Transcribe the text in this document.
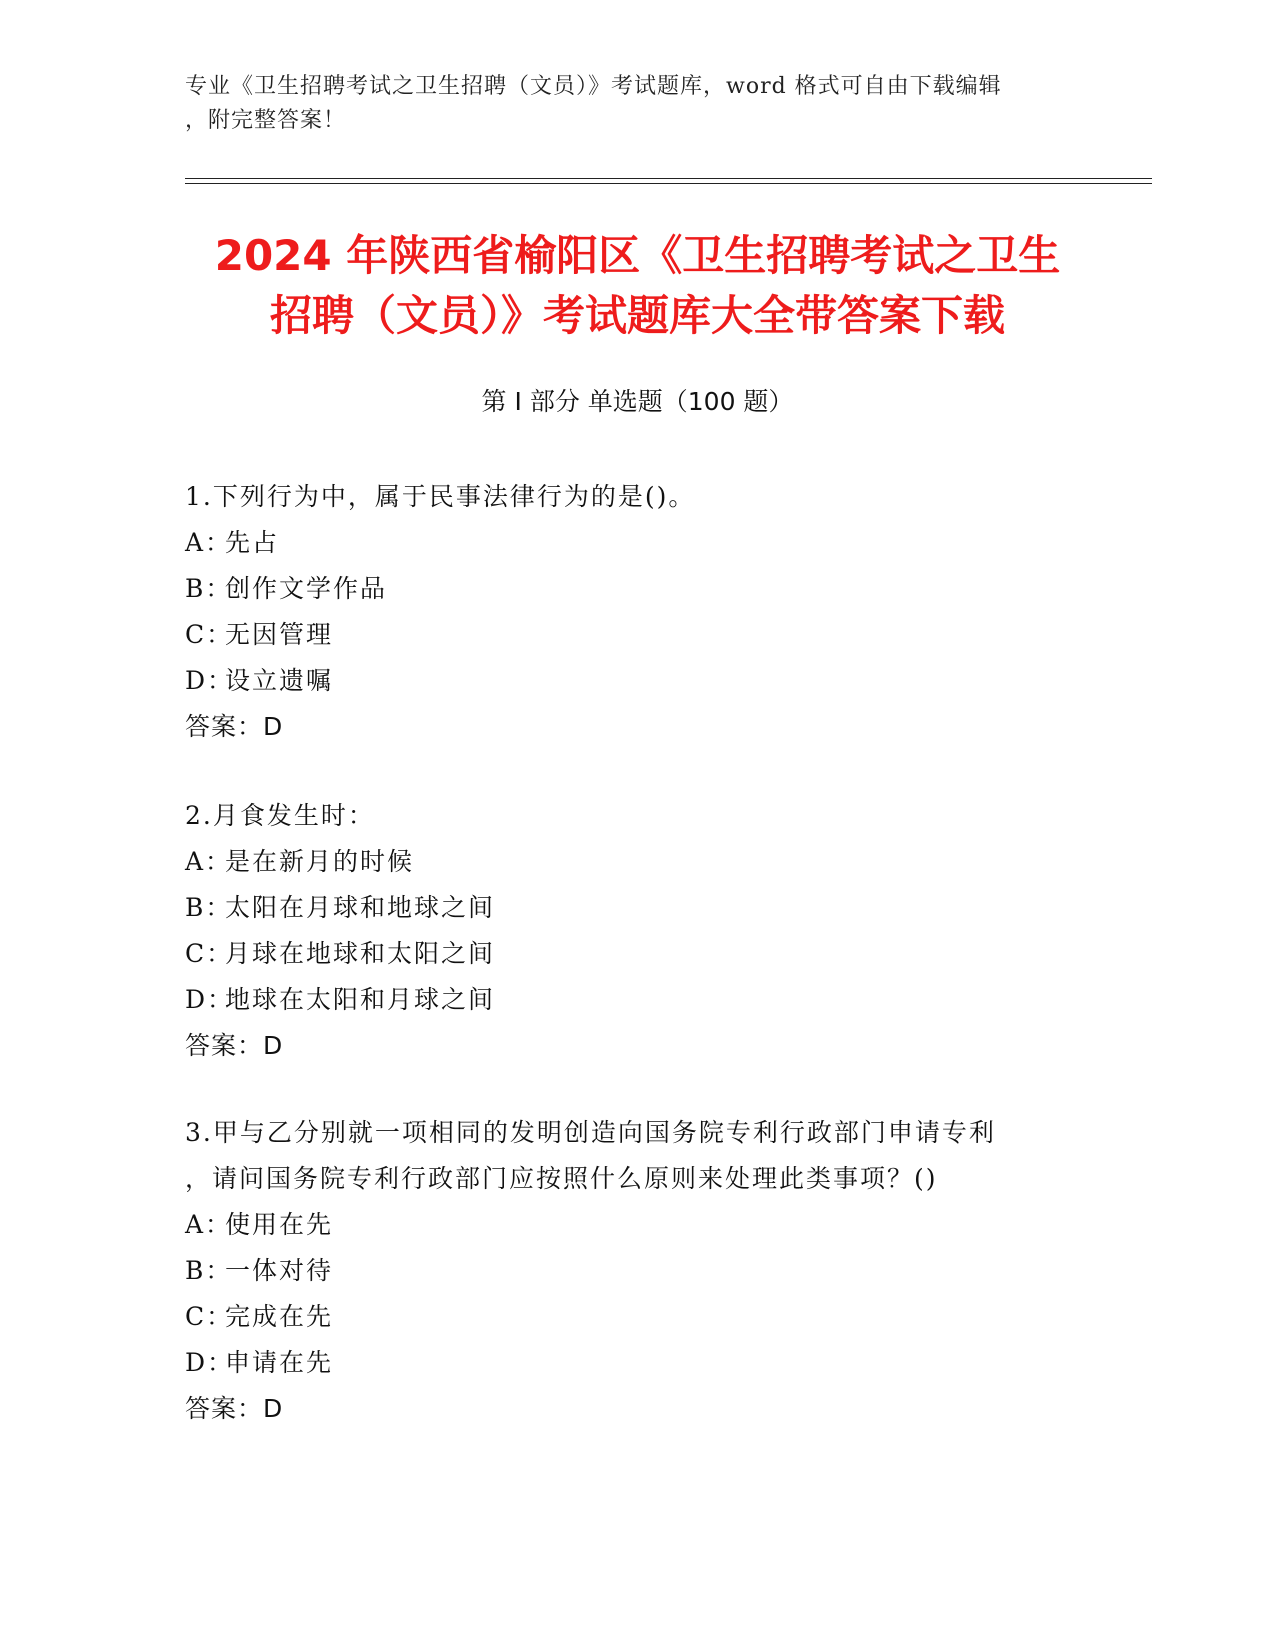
专业《卫生招聘考试之卫生招聘（文员）》考试题库，word 格式可自由下载编辑
，附完整答案！
2024 年陕西省榆阳区《卫生招聘考试之卫生
招聘（文员）》考试题库大全带答案下载
第 I 部分 单选题（100 题）
1.下列行为中，属于民事法律行为的是()。
A：先占
B：创作文学作品
C：无因管理
D：设立遗嘱
答案：D
2.月食发生时：
A：是在新月的时候
B：太阳在月球和地球之间
C：月球在地球和太阳之间
D：地球在太阳和月球之间
答案：D
3.甲与乙分别就一项相同的发明创造向国务院专利行政部门申请专利
，请问国务院专利行政部门应按照什么原则来处理此类事项？()
A：使用在先
B：一体对待
C：完成在先
D：申请在先
答案：D
